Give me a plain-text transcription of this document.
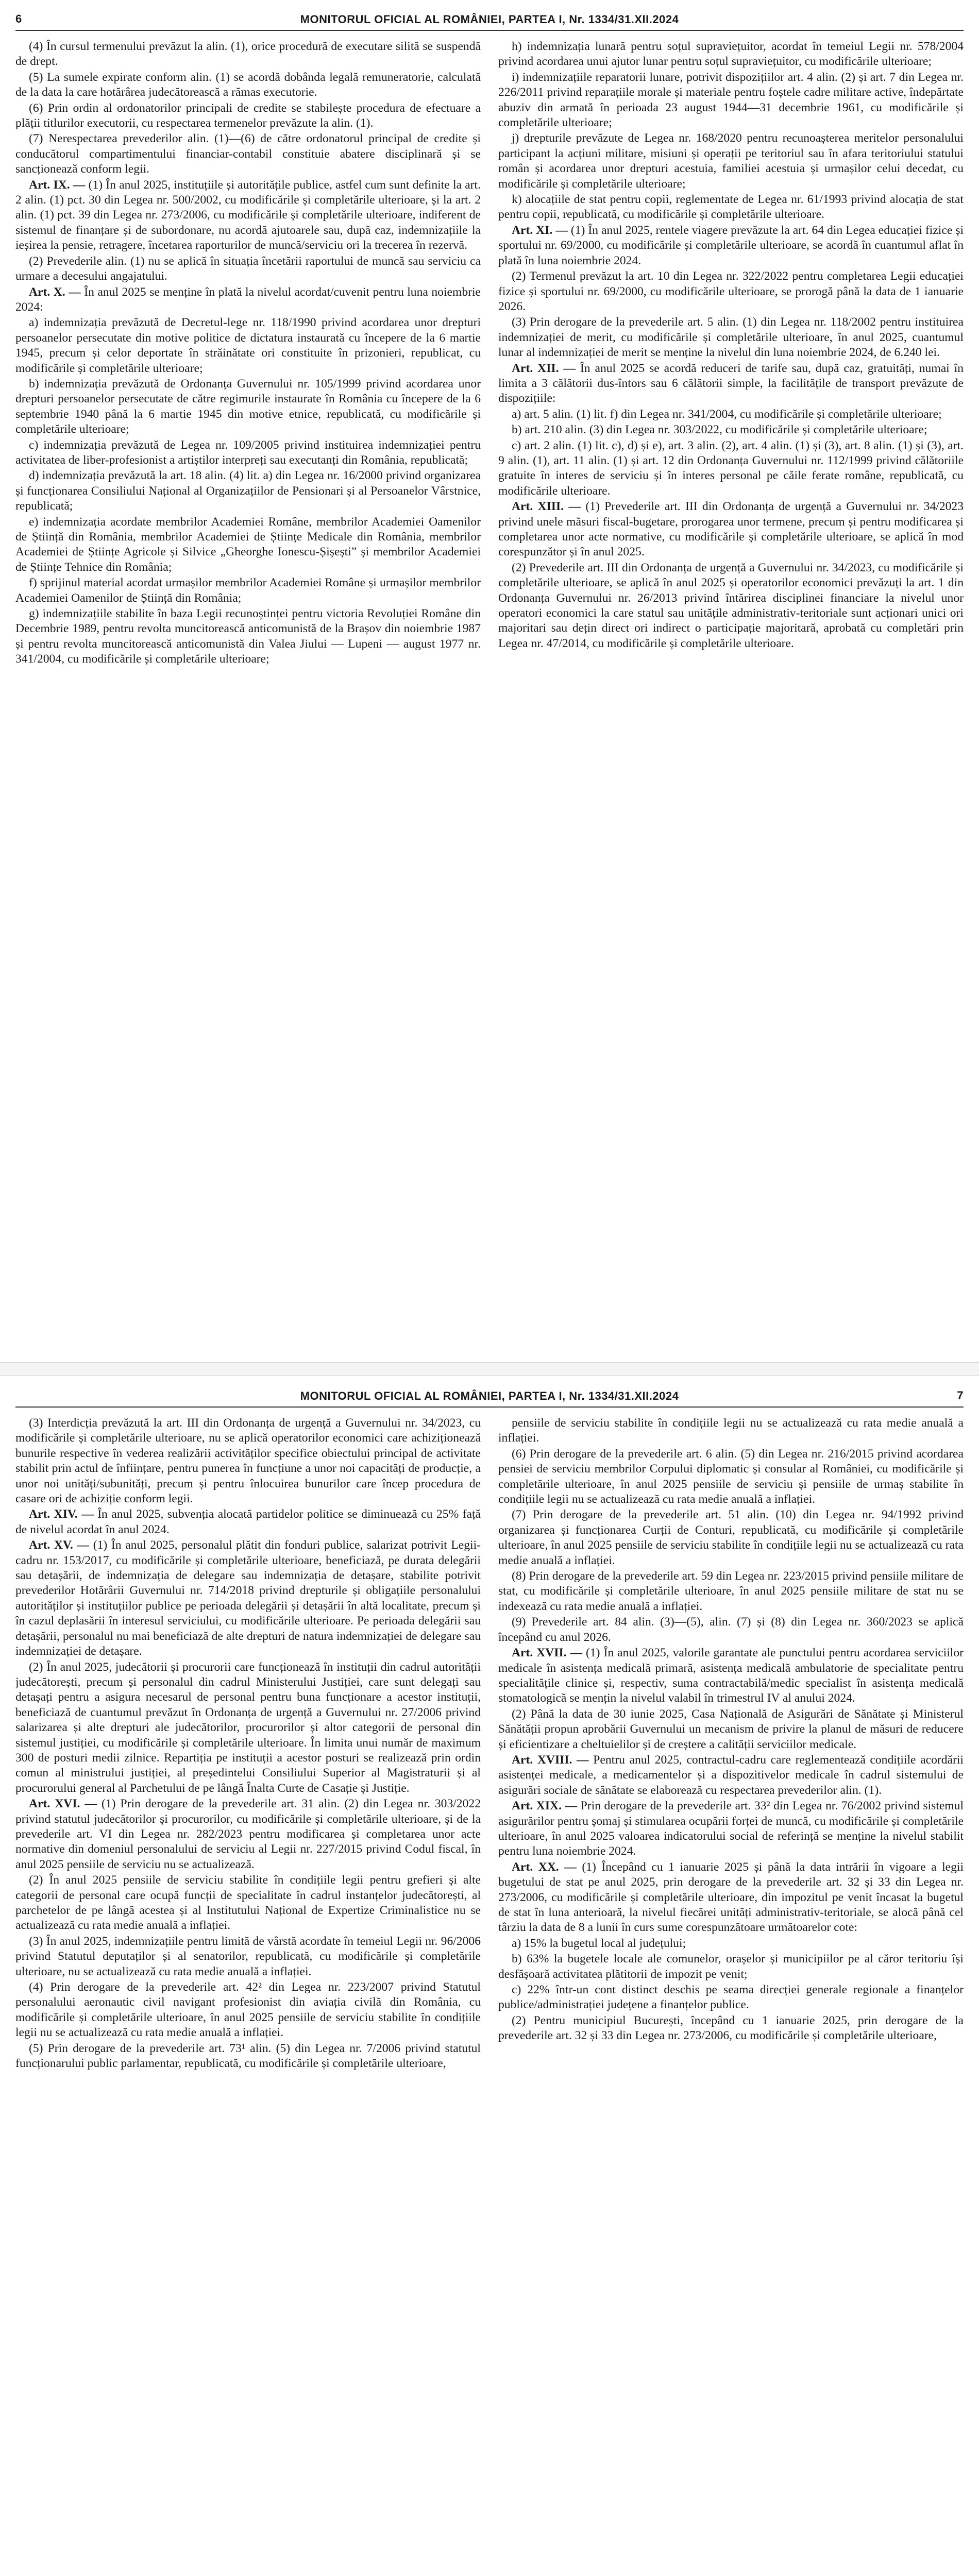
6	MONITORUL OFICIAL AL ROMÂNIEI, PARTEA I, Nr. 1334/31.XII.2024

(4) În cursul termenului prevăzut la alin. (1), orice procedură de executare silită se suspendă de drept.

(5) La sumele expirate conform alin. (1) se acordă dobânda legală remuneratorie, calculată de la data la care hotărârea judecătorească a rămas executorie.

(6) Prin ordin al ordonatorilor principali de credite se stabilește procedura de efectuare a plății titlurilor executorii, cu respectarea termenelor prevăzute la alin. (1).

(7) Nerespectarea prevederilor alin. (1)—(6) de către ordonatorul principal de credite și conducătorul compartimentului financiar-contabil constituie abatere disciplinară și se sancționează conform legii.

Art. IX. — (1) În anul 2025, instituțiile și autoritățile publice, astfel cum sunt definite la art. 2 alin. (1) pct. 30 din Legea nr. 500/2002, cu modificările și completările ulterioare, și la art. 2 alin. (1) pct. 39 din Legea nr. 273/2006, cu modificările și completările ulterioare, indiferent de sistemul de finanțare și de subordonare, nu acordă ajutoarele sau, după caz, indemnizațiile la ieșirea la pensie, retragere, încetarea raporturilor de muncă/serviciu ori la trecerea în rezervă.

(2) Prevederile alin. (1) nu se aplică în situația încetării raportului de muncă sau serviciu ca urmare a decesului angajatului.

Art. X. — În anul 2025 se menține în plată la nivelul acordat/cuvenit pentru luna noiembrie 2024:

a) indemnizația prevăzută de Decretul-lege nr. 118/1990 privind acordarea unor drepturi persoanelor persecutate din motive politice de dictatura instaurată cu începere de la 6 martie 1945, precum și celor deportate în străinătate ori constituite în prizonieri, republicat, cu modificările și completările ulterioare;

b) indemnizația prevăzută de Ordonanța Guvernului nr. 105/1999 privind acordarea unor drepturi persoanelor persecutate de către regimurile instaurate în România cu începere de la 6 septembrie 1940 până la 6 martie 1945 din motive etnice, republicată, cu modificările și completările ulterioare;

c) indemnizația prevăzută de Legea nr. 109/2005 privind instituirea indemnizației pentru activitatea de liber-profesionist a artiștilor interpreți sau executanți din România, republicată;

d) indemnizația prevăzută la art. 18 alin. (4) lit. a) din Legea nr. 16/2000 privind organizarea și funcționarea Consiliului Național al Organizațiilor de Pensionari și al Persoanelor Vârstnice, republicată;

e) indemnizația acordate membrilor Academiei Române, membrilor Academiei Oamenilor de Știință din România, membrilor Academiei de Științe Medicale din România, membrilor Academiei de Științe Agricole și Silvice „Gheorghe Ionescu-Șișești” și membrilor Academiei de Științe Tehnice din România;

f) sprijinul material acordat urmașilor membrilor Academiei Române și urmașilor membrilor Academiei Oamenilor de Știință din România;

g) indemnizațiile stabilite în baza Legii recunoștinței pentru victoria Revoluției Române din Decembrie 1989, pentru revolta muncitorească anticomunistă de la Brașov din noiembrie 1987 și pentru revolta muncitorească anticomunistă din Valea Jiului — Lupeni — august 1977 nr. 341/2004, cu modificările și completările ulterioare;

h) indemnizația lunară pentru soțul supraviețuitor, acordat în temeiul Legii nr. 578/2004 privind acordarea unui ajutor lunar pentru soțul supraviețuitor, cu modificările ulterioare;

i) indemnizațiile reparatorii lunare, potrivit dispozițiilor art. 4 alin. (2) și art. 7 din Legea nr. 226/2011 privind reparațiile morale și materiale pentru foștele cadre militare active, îndepărtate abuziv din armată în perioada 23 august 1944—31 decembrie 1961, cu modificările și completările ulterioare;

j) drepturile prevăzute de Legea nr. 168/2020 pentru recunoașterea meritelor personalului participant la acțiuni militare, misiuni și operații pe teritoriul sau în afara teritoriului statului român și acordarea unor drepturi acestuia, familiei acestuia și urmașilor celui decedat, cu modificările și completările ulterioare;

k) alocațiile de stat pentru copii, reglementate de Legea nr. 61/1993 privind alocația de stat pentru copii, republicată, cu modificările și completările ulterioare.

Art. XI. — (1) În anul 2025, rentele viagere prevăzute la art. 64 din Legea educației fizice și sportului nr. 69/2000, cu modificările și completările ulterioare, se acordă în cuantumul aflat în plată în luna noiembrie 2024.

(2) Termenul prevăzut la art. 10 din Legea nr. 322/2022 pentru completarea Legii educației fizice și sportului nr. 69/2000, cu modificările ulterioare, se prorogă până la data de 1 ianuarie 2026.

(3) Prin derogare de la prevederile art. 5 alin. (1) din Legea nr. 118/2002 pentru instituirea indemnizației de merit, cu modificările și completările ulterioare, în anul 2025, cuantumul lunar al indemnizației de merit se menține la nivelul din luna noiembrie 2024, de 6.240 lei.

Art. XII. — În anul 2025 se acordă reduceri de tarife sau, după caz, gratuități, numai în limita a 3 călătorii dus-întors sau 6 călătorii simple, la facilitățile de transport prevăzute de dispozițiile:

a) art. 5 alin. (1) lit. f) din Legea nr. 341/2004, cu modificările și completările ulterioare;

b) art. 210 alin. (3) din Legea nr. 303/2022, cu modificările și completările ulterioare;

c) art. 2 alin. (1) lit. c), d) și e), art. 3 alin. (2), art. 4 alin. (1) și (3), art. 8 alin. (1) și (3), art. 9 alin. (1), art. 11 alin. (1) și art. 12 din Ordonanța Guvernului nr. 112/1999 privind călătoriile gratuite în interes de serviciu și în interes personal pe căile ferate române, republicată, cu modificările ulterioare.

Art. XIII. — (1) Prevederile art. III din Ordonanța de urgență a Guvernului nr. 34/2023 privind unele măsuri fiscal-bugetare, prorogarea unor termene, precum și pentru modificarea și completarea unor acte normative, cu modificările și completările ulterioare, se aplică în mod corespunzător și în anul 2025.

(2) Prevederile art. III din Ordonanța de urgență a Guvernului nr. 34/2023, cu modificările și completările ulterioare, se aplică în anul 2025 și operatorilor economici prevăzuți la art. 1 din Ordonanța Guvernului nr. 26/2013 privind întărirea disciplinei financiare la nivelul unor operatori economici la care statul sau unitățile administrativ-teritoriale sunt acționari unici ori majoritari sau dețin direct ori indirect o participație majoritară, aprobată cu completări prin Legea nr. 47/2014, cu modificările și completările ulterioare.

MONITORUL OFICIAL AL ROMÂNIEI, PARTEA I, Nr. 1334/31.XII.2024	7

(3) Interdicția prevăzută la art. III din Ordonanța de urgență a Guvernului nr. 34/2023, cu modificările și completările ulterioare, nu se aplică operatorilor economici care achiziționează bunurile respective în vederea realizării activităților specifice obiectului principal de activitate stabilit prin actul de înființare, pentru punerea în funcțiune a unor noi capacități de producție, a unor noi unități/subunități, precum și pentru înlocuirea bunurilor care încep procedura de casare ori de achiziție conform legii.

Art. XIV. — În anul 2025, subvenția alocată partidelor politice se diminuează cu 25% față de nivelul acordat în anul 2024.

Art. XV. — (1) În anul 2025, personalul plătit din fonduri publice, salarizat potrivit Legii-cadru nr. 153/2017, cu modificările și completările ulterioare, beneficiază, pe durata delegării sau detașării, de indemnizația de delegare sau indemnizația de detașare, stabilite potrivit prevederilor Hotărârii Guvernului nr. 714/2018 privind drepturile și obligațiile personalului autorităților și instituțiilor publice pe perioada delegării și detașării în altă localitate, precum și în cazul deplasării în interesul serviciului, cu modificările ulterioare. Pe perioada delegării sau detașării, personalul nu mai beneficiază de alte drepturi de natura indemnizației de delegare sau indemnizației de detașare.

(2) În anul 2025, judecătorii și procurorii care funcționează în instituții din cadrul autorității judecătorești, precum și personalul din cadrul Ministerului Justiției, care sunt delegați sau detașați pentru a asigura necesarul de personal pentru buna funcționare a acestor instituții, beneficiază de cuantumul prevăzut în Ordonanța de urgență a Guvernului nr. 27/2006 privind salarizarea și alte drepturi ale judecătorilor, procurorilor și altor categorii de personal din sistemul justiției, cu modificările și completările ulterioare. În limita unui număr de maximum 300 de posturi medii zilnice. Repartiția pe instituții a acestor posturi se realizează prin ordin comun al ministrului justiției, al președintelui Consiliului Superior al Magistraturii și al procurorului general al Parchetului de pe lângă Înalta Curte de Casație și Justiție.

Art. XVI. — (1) Prin derogare de la prevederile art. 31 alin. (2) din Legea nr. 303/2022 privind statutul judecătorilor și procurorilor, cu modificările și completările ulterioare, și de la prevederile art. VI din Legea nr. 282/2023 pentru modificarea și completarea unor acte normative din domeniul personalului de serviciu al Legii nr. 227/2015 privind Codul fiscal, în anul 2025 pensiile de serviciu nu se actualizează.

(2) În anul 2025 pensiile de serviciu stabilite în condițiile legii pentru grefieri și alte categorii de personal care ocupă funcții de specialitate în cadrul instanțelor judecătorești, al parchetelor de pe lângă acestea și al Institutului Național de Expertize Criminalistice nu se actualizează cu rata medie anuală a inflației.

(3) În anul 2025, indemnizațiile pentru limită de vârstă acordate în temeiul Legii nr. 96/2006 privind Statutul deputaților și al senatorilor, republicată, cu modificările și completările ulterioare, nu se actualizează cu rata medie anuală a inflației.

(4) Prin derogare de la prevederile art. 42² din Legea nr. 223/2007 privind Statutul personalului aeronautic civil navigant profesionist din aviația civilă din România, cu modificările și completările ulterioare, în anul 2025 pensiile de serviciu stabilite în condițiile legii nu se actualizează cu rata medie anuală a inflației.

(5) Prin derogare de la prevederile art. 73¹ alin. (5) din Legea nr. 7/2006 privind statutul funcționarului public parlamentar, republicată, cu modificările și completările ulterioare,

pensiile de serviciu stabilite în condițiile legii nu se actualizează cu rata medie anuală a inflației.

(6) Prin derogare de la prevederile art. 6 alin. (5) din Legea nr. 216/2015 privind acordarea pensiei de serviciu membrilor Corpului diplomatic și consular al României, cu modificările și completările ulterioare, în anul 2025 pensiile de serviciu și pensiile de urmaș stabilite în condițiile legii nu se actualizează cu rata medie anuală a inflației.

(7) Prin derogare de la prevederile art. 51 alin. (10) din Legea nr. 94/1992 privind organizarea și funcționarea Curții de Conturi, republicată, cu modificările și completările ulterioare, în anul 2025 pensiile de serviciu stabilite în condițiile legii nu se actualizează cu rata medie anuală a inflației.

(8) Prin derogare de la prevederile art. 59 din Legea nr. 223/2015 privind pensiile militare de stat, cu modificările și completările ulterioare, în anul 2025 pensiile militare de stat nu se indexează cu rata medie anuală a inflației.

(9) Prevederile art. 84 alin. (3)—(5), alin. (7) și (8) din Legea nr. 360/2023 se aplică începând cu anul 2026.

Art. XVII. — (1) În anul 2025, valorile garantate ale punctului pentru acordarea serviciilor medicale în asistența medicală primară, asistența medicală ambulatorie de specialitate pentru specialitățile clinice și, respectiv, suma contractabilă/medic specialist în asistența medicală stomatologică se mențin la nivelul valabil în trimestrul IV al anului 2024.

(2) Până la data de 30 iunie 2025, Casa Națională de Asigurări de Sănătate și Ministerul Sănătății propun aprobării Guvernului un mecanism de privire la planul de măsuri de reducere și eficientizare a cheltuielilor și de creștere a calității serviciilor medicale.

Art. XVIII. — Pentru anul 2025, contractul-cadru care reglementează condițiile acordării asistenței medicale, a medicamentelor și a dispozitivelor medicale în cadrul sistemului de asigurări sociale de sănătate se elaborează cu respectarea prevederilor alin. (1).

Art. XIX. — Prin derogare de la prevederile art. 33² din Legea nr. 76/2002 privind sistemul asigurărilor pentru șomaj și stimularea ocupării forței de muncă, cu modificările și completările ulterioare, în anul 2025 valoarea indicatorului social de referință se menține la nivelul stabilit pentru luna noiembrie 2024.

Art. XX. — (1) Începând cu 1 ianuarie 2025 și până la data intrării în vigoare a legii bugetului de stat pe anul 2025, prin derogare de la prevederile art. 32 și 33 din Legea nr. 273/2006, cu modificările și completările ulterioare, din impozitul pe venit încasat la bugetul de stat în luna anterioară, la nivelul fiecărei unități administrativ-teritoriale, se alocă până cel târziu la data de 8 a lunii în curs sume corespunzătoare următoarelor cote:

a) 15% la bugetul local al județului;

b) 63% la bugetele locale ale comunelor, orașelor și municipiilor pe al căror teritoriu își desfășoară activitatea plătitorii de impozit pe venit;

c) 22% într-un cont distinct deschis pe seama direcției generale regionale a finanțelor publice/administrației județene a finanțelor publice.

(2) Pentru municipiul București, începând cu 1 ianuarie 2025, prin derogare de la prevederile art. 32 și 33 din Legea nr. 273/2006, cu modificările și completările ulterioare,
